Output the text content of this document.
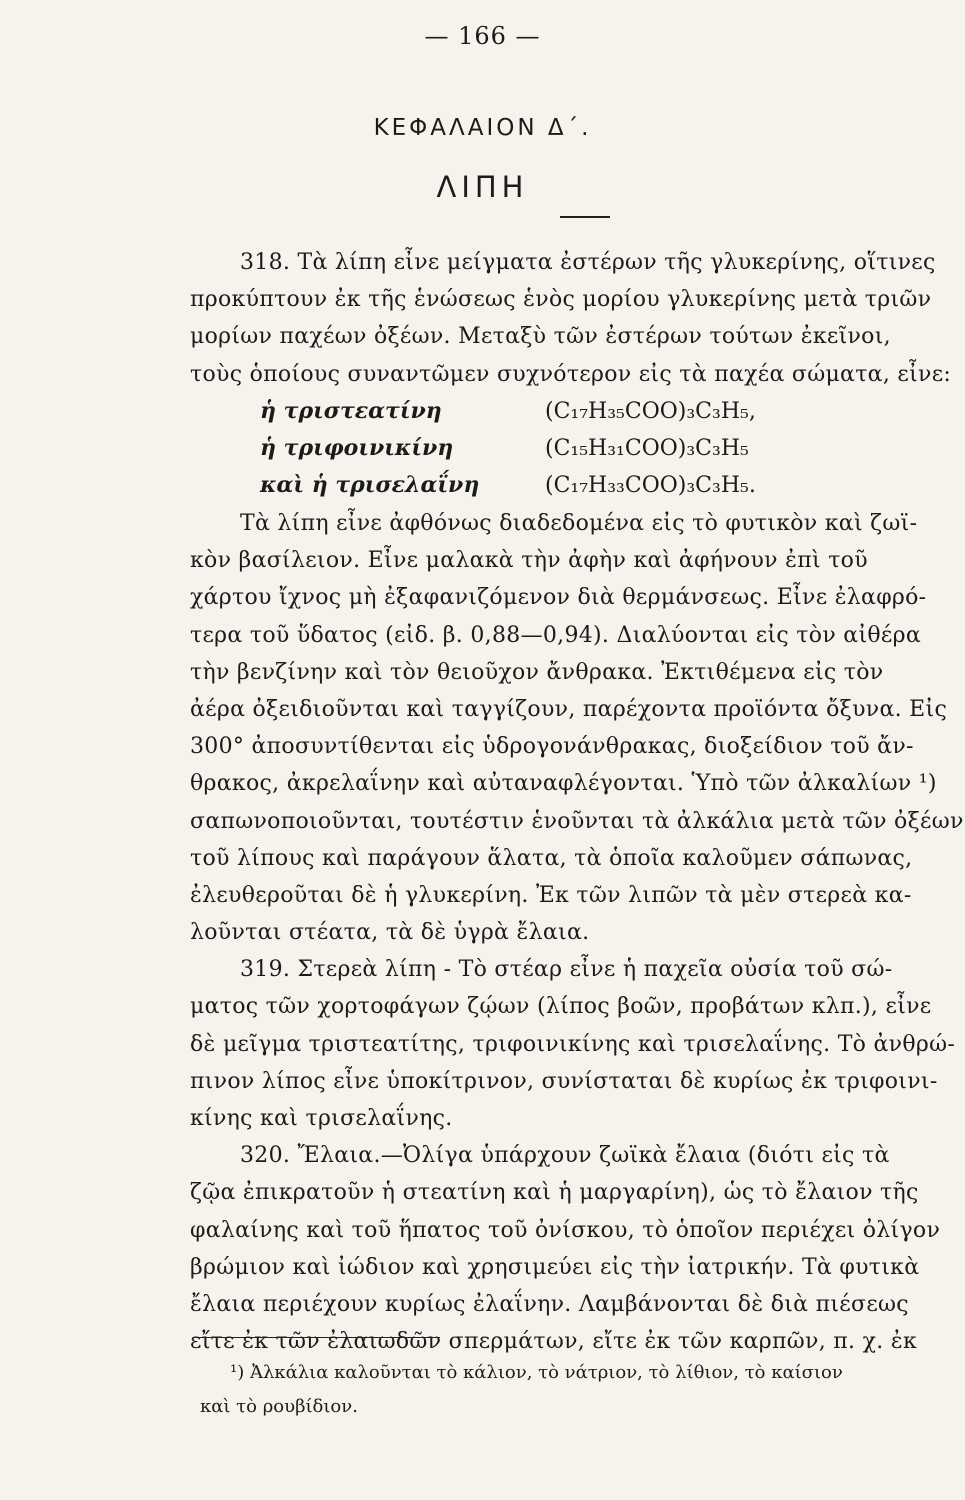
— 166 —
ΚΕΦΑΛΑΙΟΝ Δ΄.
ΛΙΠΗ
318. Τὰ λίπη εἶνε μείγματα ἐστέρων τῆς γλυκερίνης, οἵτινες
προκύπτουν ἐκ τῆς ἑνώσεως ἑνὸς μορίου γλυκερίνης μετὰ τριῶν
μορίων παχέων ὀξέων. Μεταξὺ τῶν ἐστέρων τούτων ἐκεῖνοι,
τοὺς ὁποίους συναντῶμεν συχνότερον εἰς τὰ παχέα σώματα, εἶνε:
ἡ τριστεατίνη	(C₁₇H₃₅COO)₃C₃H₅,
ἡ τριφοινικίνη	(C₁₅H₃₁COO)₃C₃H₅
καὶ ἡ τρισελαΐνη	(C₁₇H₃₃COO)₃C₃H₅.
Τὰ λίπη εἶνε ἀφθόνως διαδεδομένα εἰς τὸ φυτικὸν καὶ ζωϊ-
κὸν βασίλειον. Εἶνε μαλακὰ τὴν ἀφὴν καὶ ἀφήνουν ἐπὶ τοῦ
χάρτου ἴχνος μὴ ἐξαφανιζόμενον διὰ θερμάνσεως. Εἶνε ἐλαφρό-
τερα τοῦ ὕδατος (εἰδ. β. 0,88—0,94). Διαλύονται εἰς τὸν αἰθέρα
τὴν βενζίνην καὶ τὸν θειοῦχον ἄνθρακα. Ἐκτιθέμενα εἰς τὸν
ἀέρα ὀξειδιοῦνται καὶ ταγγίζουν, παρέχοντα προϊόντα ὄξυνα. Εἰς
300° ἀποσυντίθενται εἰς ὑδρογονάνθρακας, διοξείδιον τοῦ ἄν-
θρακος, ἀκρελαΐνην καὶ αὐταναφλέγονται. Ὑπὸ τῶν ἀλκαλίων ¹)
σαπωνοποιοῦνται, τουτέστιν ἑνοῦνται τὰ ἀλκάλια μετὰ τῶν ὀξέων
τοῦ λίπους καὶ παράγουν ἅλατα, τὰ ὁποῖα καλοῦμεν σάπωνας,
ἐλευθεροῦται δὲ ἡ γλυκερίνη. Ἐκ τῶν λιπῶν τὰ μὲν στερεὰ κα-
λοῦνται στέατα, τὰ δὲ ὑγρὰ ἔλαια.
319. Στερεὰ λίπη - Τὸ στέαρ εἶνε ἡ παχεῖα οὐσία τοῦ σώ-
ματος τῶν χορτοφάγων ζῴων (λίπος βοῶν, προβάτων κλπ.), εἶνε
δὲ μεῖγμα τριστεατίτης, τριφοινικίνης καὶ τρισελαΐνης. Τὸ ἀνθρώ-
πινον λίπος εἶνε ὑποκίτρινον, συνίσταται δὲ κυρίως ἐκ τριφοινι-
κίνης καὶ τρισελαΐνης.
320. Ἔλαια.—Ὀλίγα ὑπάρχουν ζωϊκὰ ἔλαια (διότι εἰς τὰ
ζῷα ἐπικρατοῦν ἡ στεατίνη καὶ ἡ μαργαρίνη), ὡς τὸ ἔλαιον τῆς
φαλαίνης καὶ τοῦ ἥπατος τοῦ ὀνίσκου, τὸ ὁποῖον περιέχει ὀλίγον
βρώμιον καὶ ἰώδιον καὶ χρησιμεύει εἰς τὴν ἰατρικήν. Τὰ φυτικὰ
ἔλαια περιέχουν κυρίως ἐλαΐνην. Λαμβάνονται δὲ διὰ πιέσεως
εἴτε ἐκ τῶν ἐλαιωδῶν σπερμάτων, εἴτε ἐκ τῶν καρπῶν, π. χ. ἐκ
¹) Ἀλκάλια καλοῦνται τὸ κάλιον, τὸ νάτριον, τὸ λίθιον, τὸ καίσιον
καὶ τὸ ρουβίδιον.
